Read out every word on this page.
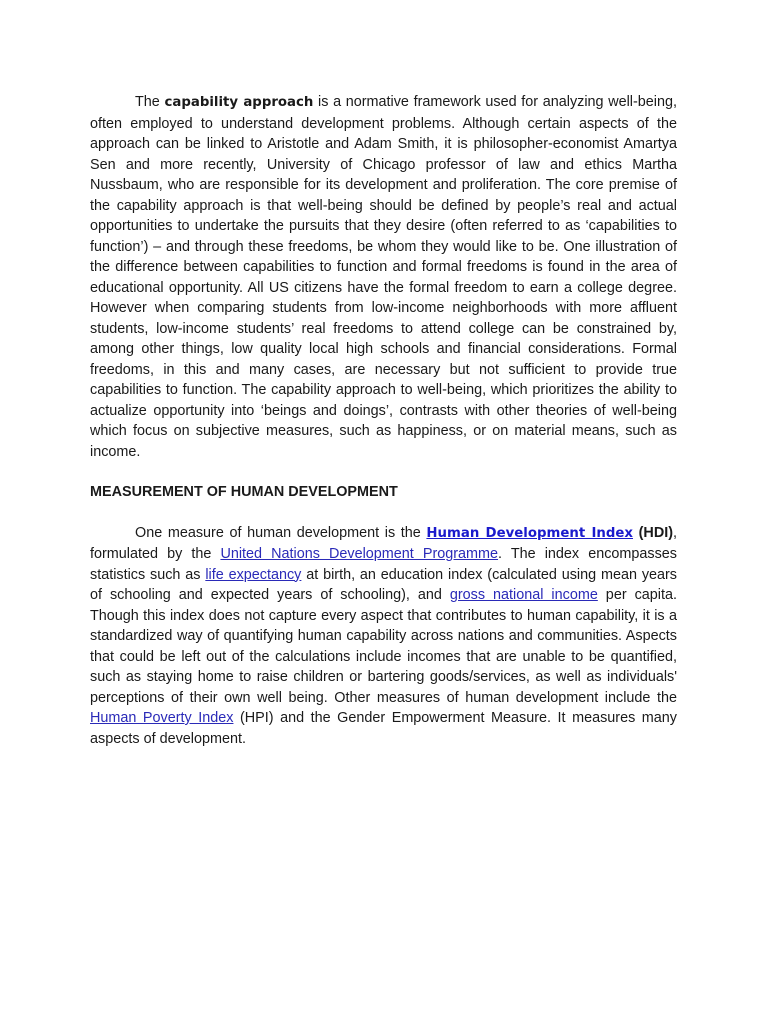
The capability approach is a normative framework used for analyzing well-being, often employed to understand development problems. Although certain aspects of the approach can be linked to Aristotle and Adam Smith, it is philosopher-economist Amartya Sen and more recently, University of Chicago professor of law and ethics Martha Nussbaum, who are responsible for its development and proliferation. The core premise of the capability approach is that well-being should be defined by people’s real and actual opportunities to undertake the pursuits that they desire (often referred to as ‘capabilities to function’) – and through these freedoms, be whom they would like to be. One illustration of the difference between capabilities to function and formal freedoms is found in the area of educational opportunity. All US citizens have the formal freedom to earn a college degree. However when comparing students from low-income neighborhoods with more affluent students, low-income students’ real freedoms to attend college can be constrained by, among other things, low quality local high schools and financial considerations. Formal freedoms, in this and many cases, are necessary but not sufficient to provide true capabilities to function. The capability approach to well-being, which prioritizes the ability to actualize opportunity into ‘beings and doings’, contrasts with other theories of well-being which focus on subjective measures, such as happiness, or on material means, such as income.

MEASUREMENT OF HUMAN DEVELOPMENT

One measure of human development is the Human Development Index (HDI), formulated by the United Nations Development Programme. The index encompasses statistics such as life expectancy at birth, an education index (calculated using mean years of schooling and expected years of schooling), and gross national income per capita. Though this index does not capture every aspect that contributes to human capability, it is a standardized way of quantifying human capability across nations and communities. Aspects that could be left out of the calculations include incomes that are unable to be quantified, such as staying home to raise children or bartering goods/services, as well as individuals' perceptions of their own well being. Other measures of human development include the Human Poverty Index (HPI) and the Gender Empowerment Measure. It measures many aspects of development.
